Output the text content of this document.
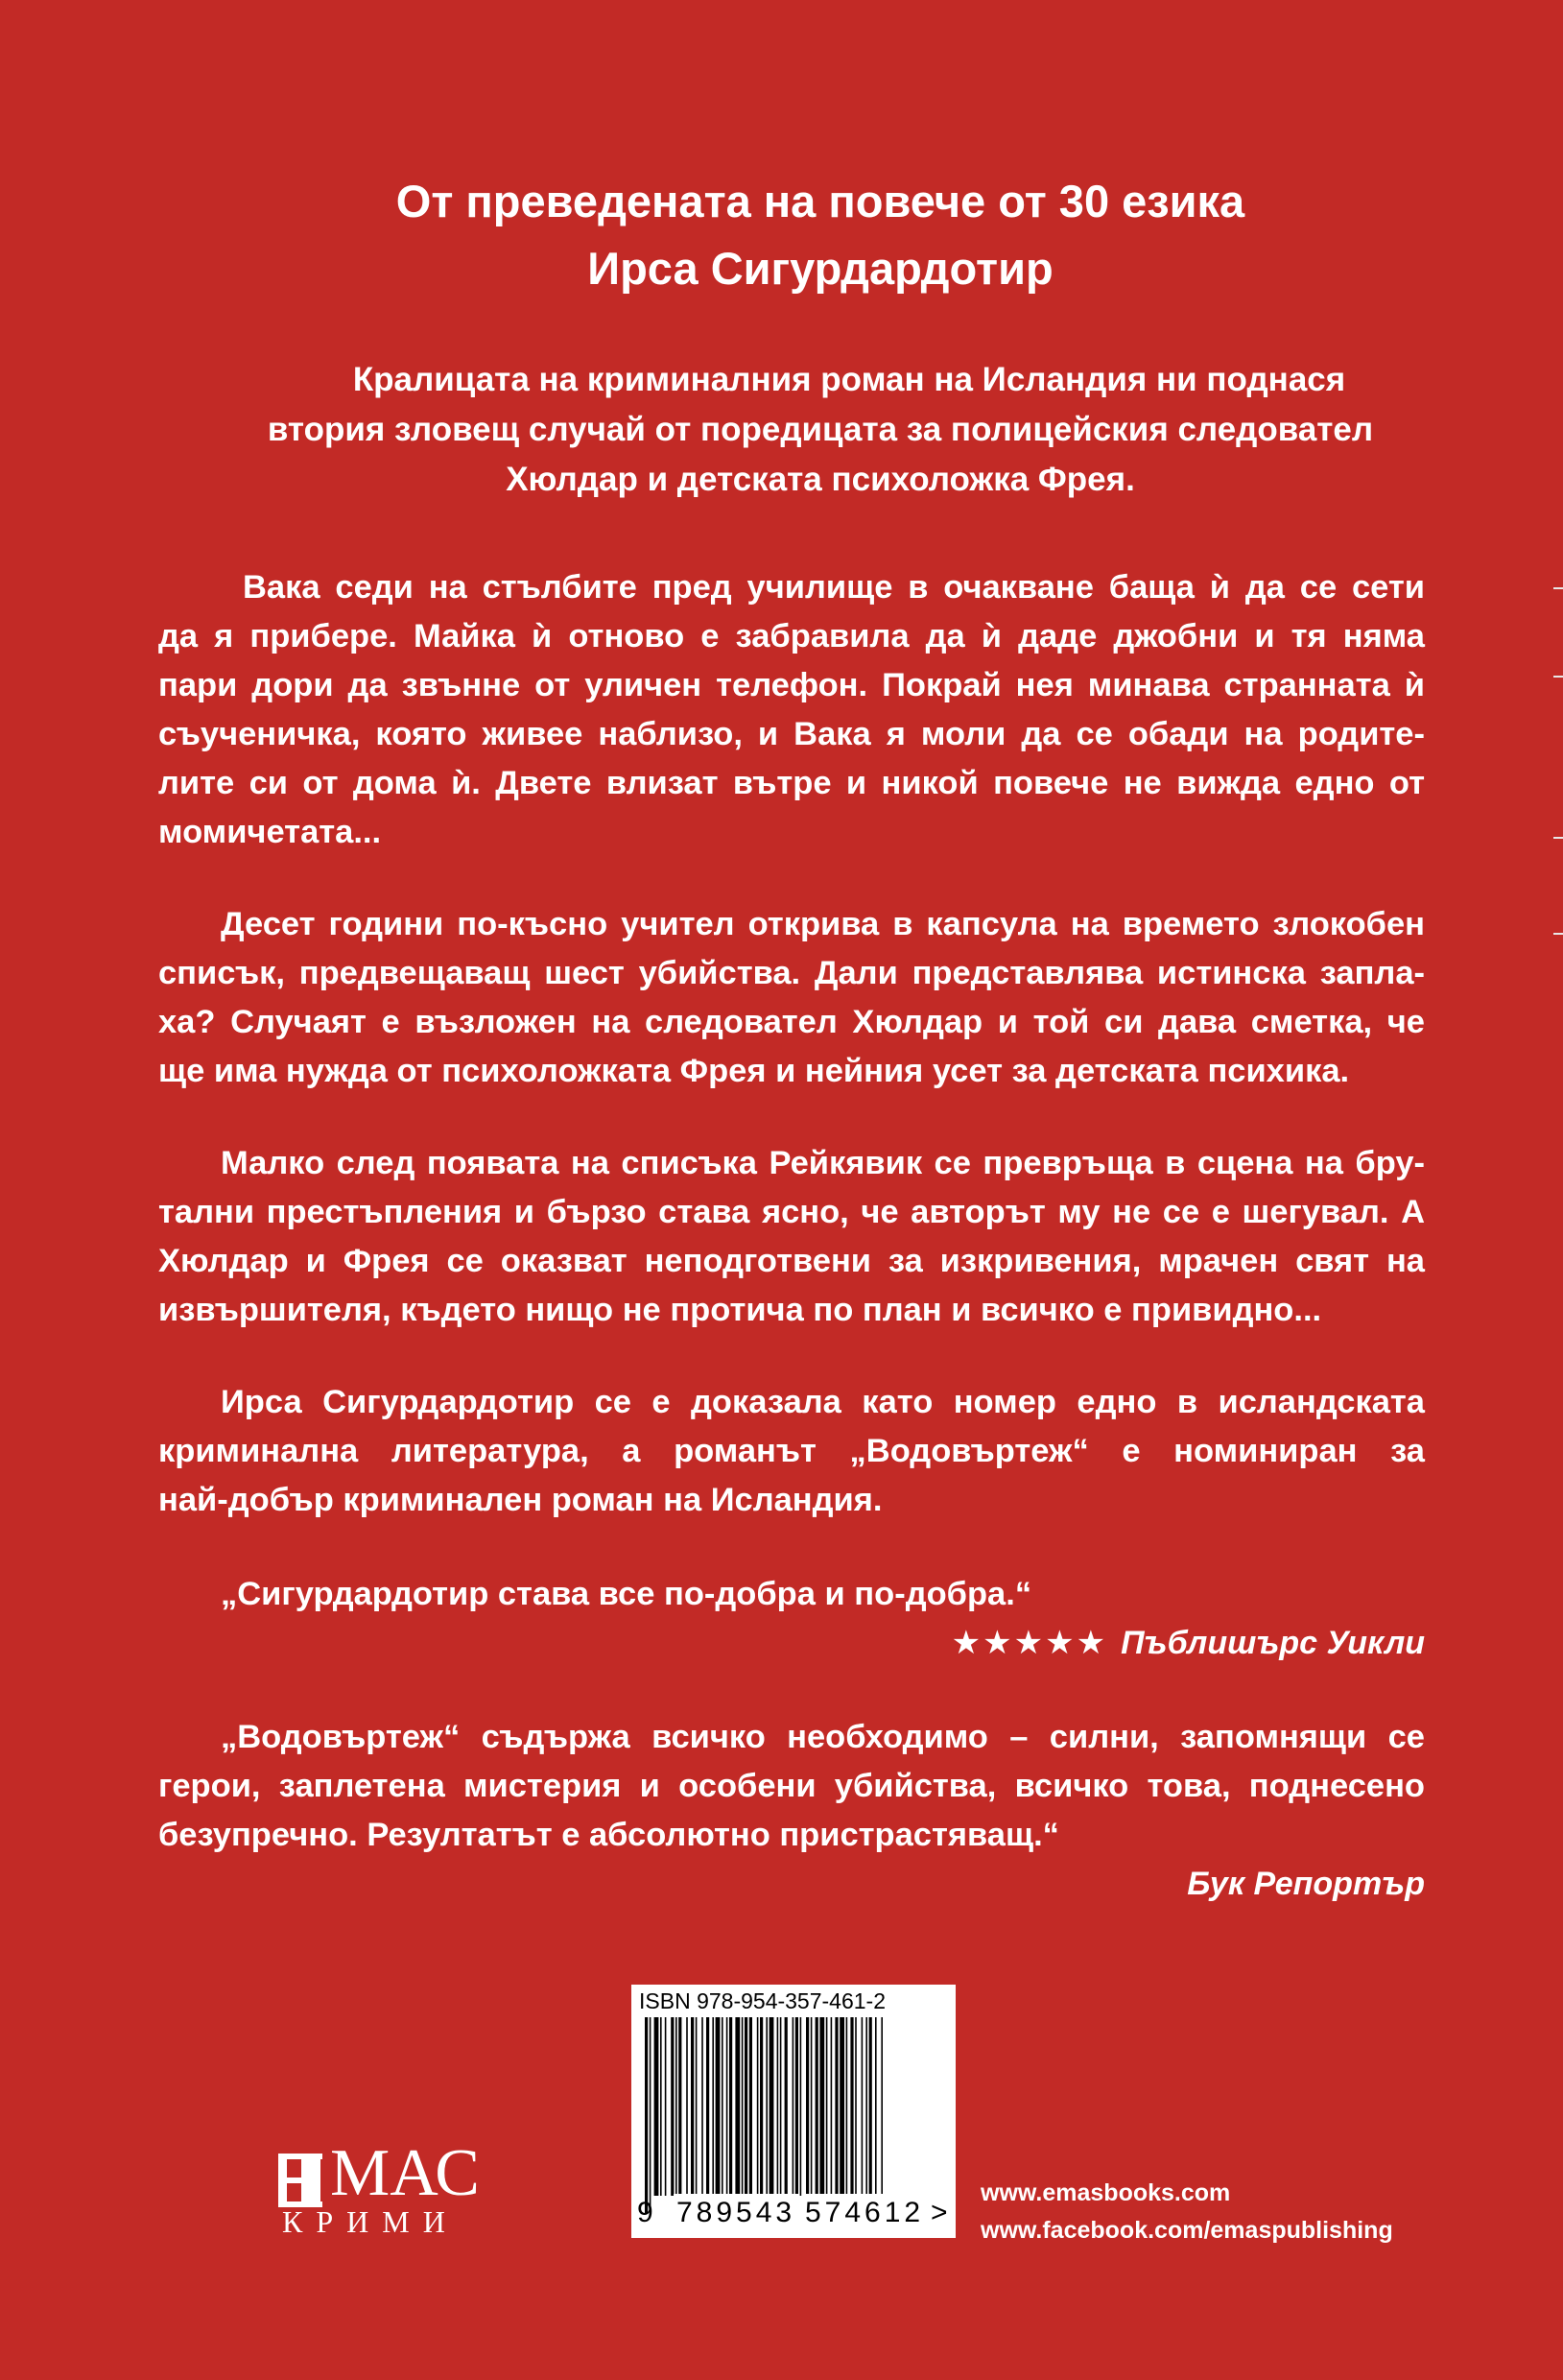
От преведената на повече от 30 езика
Ирса Сигурдардотир
Кралицата на криминалния роман на Исландия ни поднася
втория зловещ случай от поредицата за полицейския следовател
Хюлдар и детската психоложка Фрея.
Вака седи на стълбите пред училище в очакване баща ѝ да се сети
да я прибере. Майка ѝ отново е забравила да ѝ даде джобни и тя няма
пари дори да звънне от уличен телефон. Покрай нея минава странната ѝ
съученичка, която живее наблизо, и Вака я моли да се обади на родите-
лите си от дома ѝ. Двете влизат вътре и никой повече не вижда едно от
момичетата...
Десет години по-късно учител открива в капсула на времето злокобен
списък, предвещаващ шест убийства. Дали представлява истинска запла-
ха? Случаят е възложен на следовател Хюлдар и той си дава сметка, че
ще има нужда от психоложката Фрея и нейния усет за детската психика.
Малко след появата на списъка Рейкявик се превръща в сцена на бру-
тални престъпления и бързо става ясно, че авторът му не се е шегувал. А
Хюлдар и Фрея се оказват неподготвени за изкривения, мрачен свят на
извършителя, където нищо не протича по план и всичко е привидно...
Ирса Сигурдардотир се е доказала като номер едно в исландската
криминална литература, а романът „Водовъртеж“ е номиниран за
най-добър криминален роман на Исландия.
„Сигурдардотир става все по-добра и по-добра.“
★★★★★ Пъблишърс Уикли
„Водовъртеж“ съдържа всичко необходимо – силни, запомнящи се
герои, заплетена мистерия и особени убийства, всичко това, поднесено
безупречно. Резултатът е абсолютно пристрастяващ.“
Бук Репортър
МАС
КРИМИ
ISBN 978-954-357-461-2
9 789543 574612 >
www.emasbooks.com
www.facebook.com/emaspublishing
